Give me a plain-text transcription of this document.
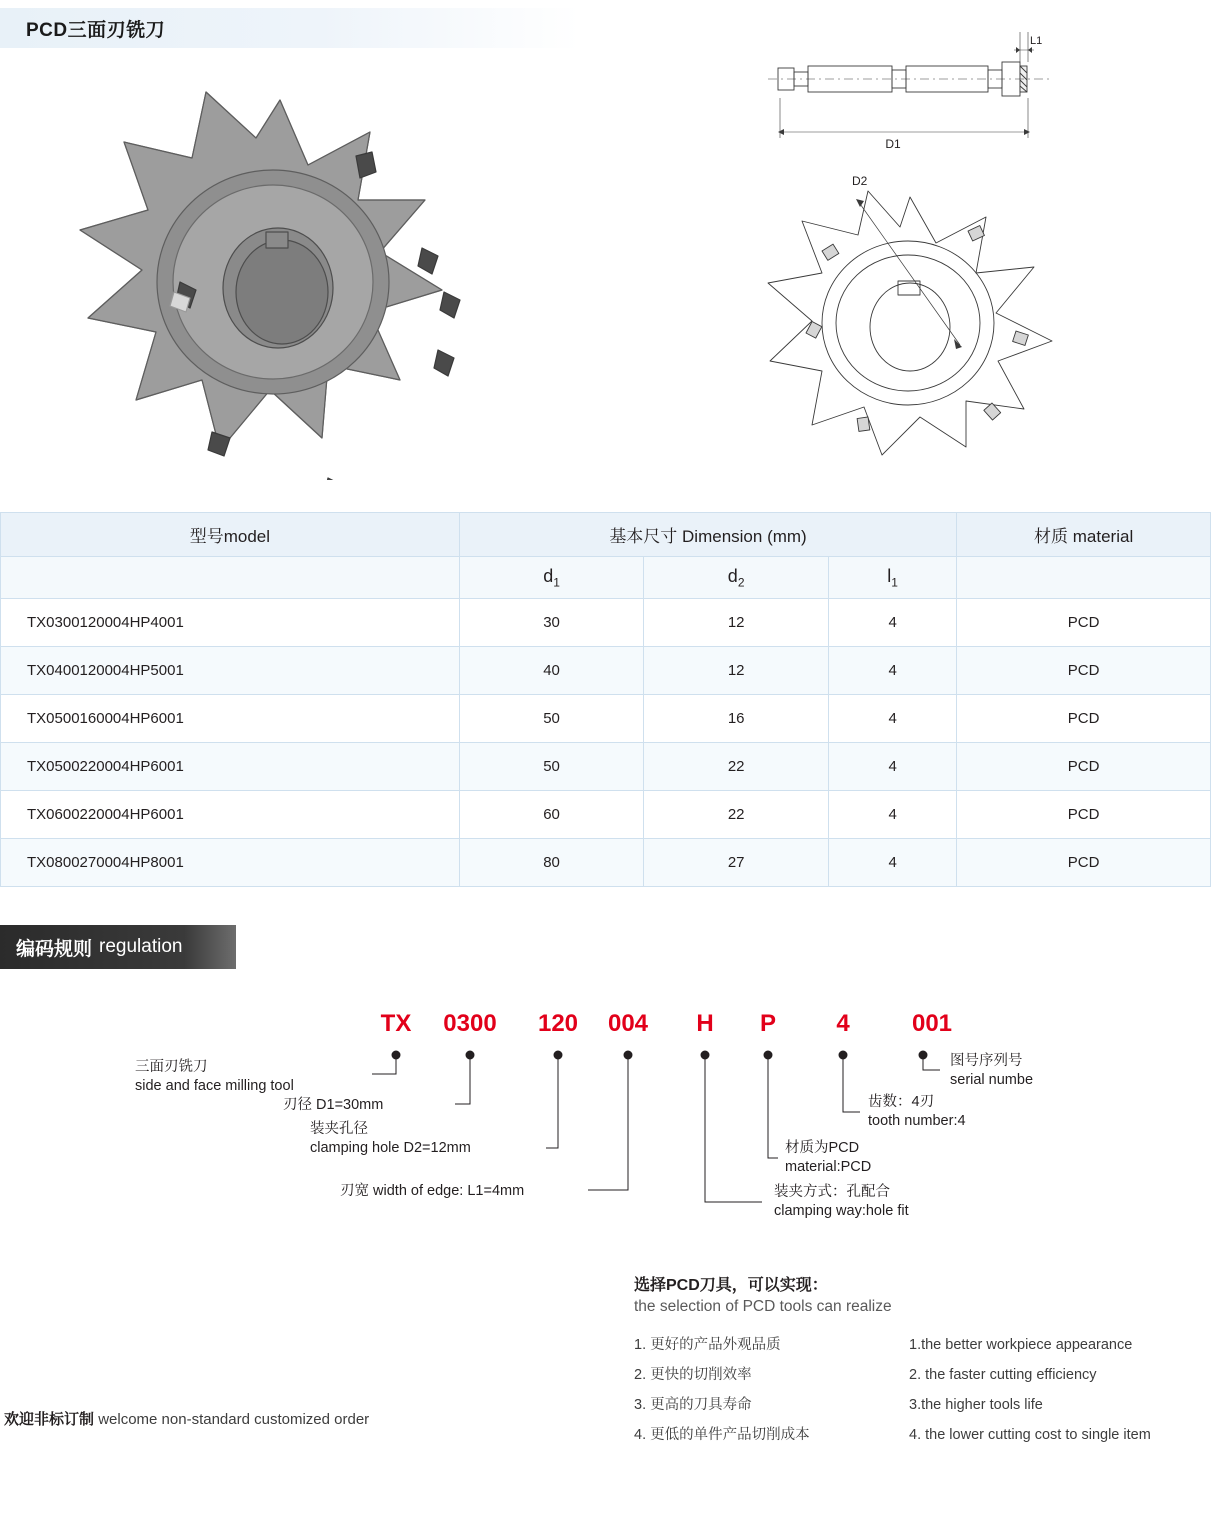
PCD三面刃铣刀
L1
D1
D2
型号model	基本尺寸 Dimension (mm)			材质 material
	$d_1$	$d_2$	$l_1$	
TX0300120004HP4001	30	12	4	PCD
TX0400120004HP5001	40	12	4	PCD
TX0500160004HP6001	50	16	4	PCD
TX0500220004HP6001	50	22	4	PCD
TX0600220004HP6001	60	22	4	PCD
TX0800270004HP8001	80	27	4	PCD
编码规则 regulation
TX 0300 120 004 H P	4	001
三面刃铣刀
side and face milling tool
刃径 D1=30mm
装夹孔径
clamping hole D2=12mm
刃宽 width of edge: L1=4mm	装夹方式：孔配合
clamping way:hole fit
材质为PCD
material:PCD
齿数：4刃
tooth number:4
图号序列号
serial numbe
选择PCD刀具，可以实现：
the selection of PCD tools can realize
1. 更好的产品外观品质
2. 更快的切削效率
3. 更高的刀具寿命
4. 更低的单件产品切削成本
1.the better workpiece appearance
2. the faster cutting efficiency
3.the higher tools life
4. the lower cutting cost to single item
欢迎非标订制 welcome non-standard customized order
